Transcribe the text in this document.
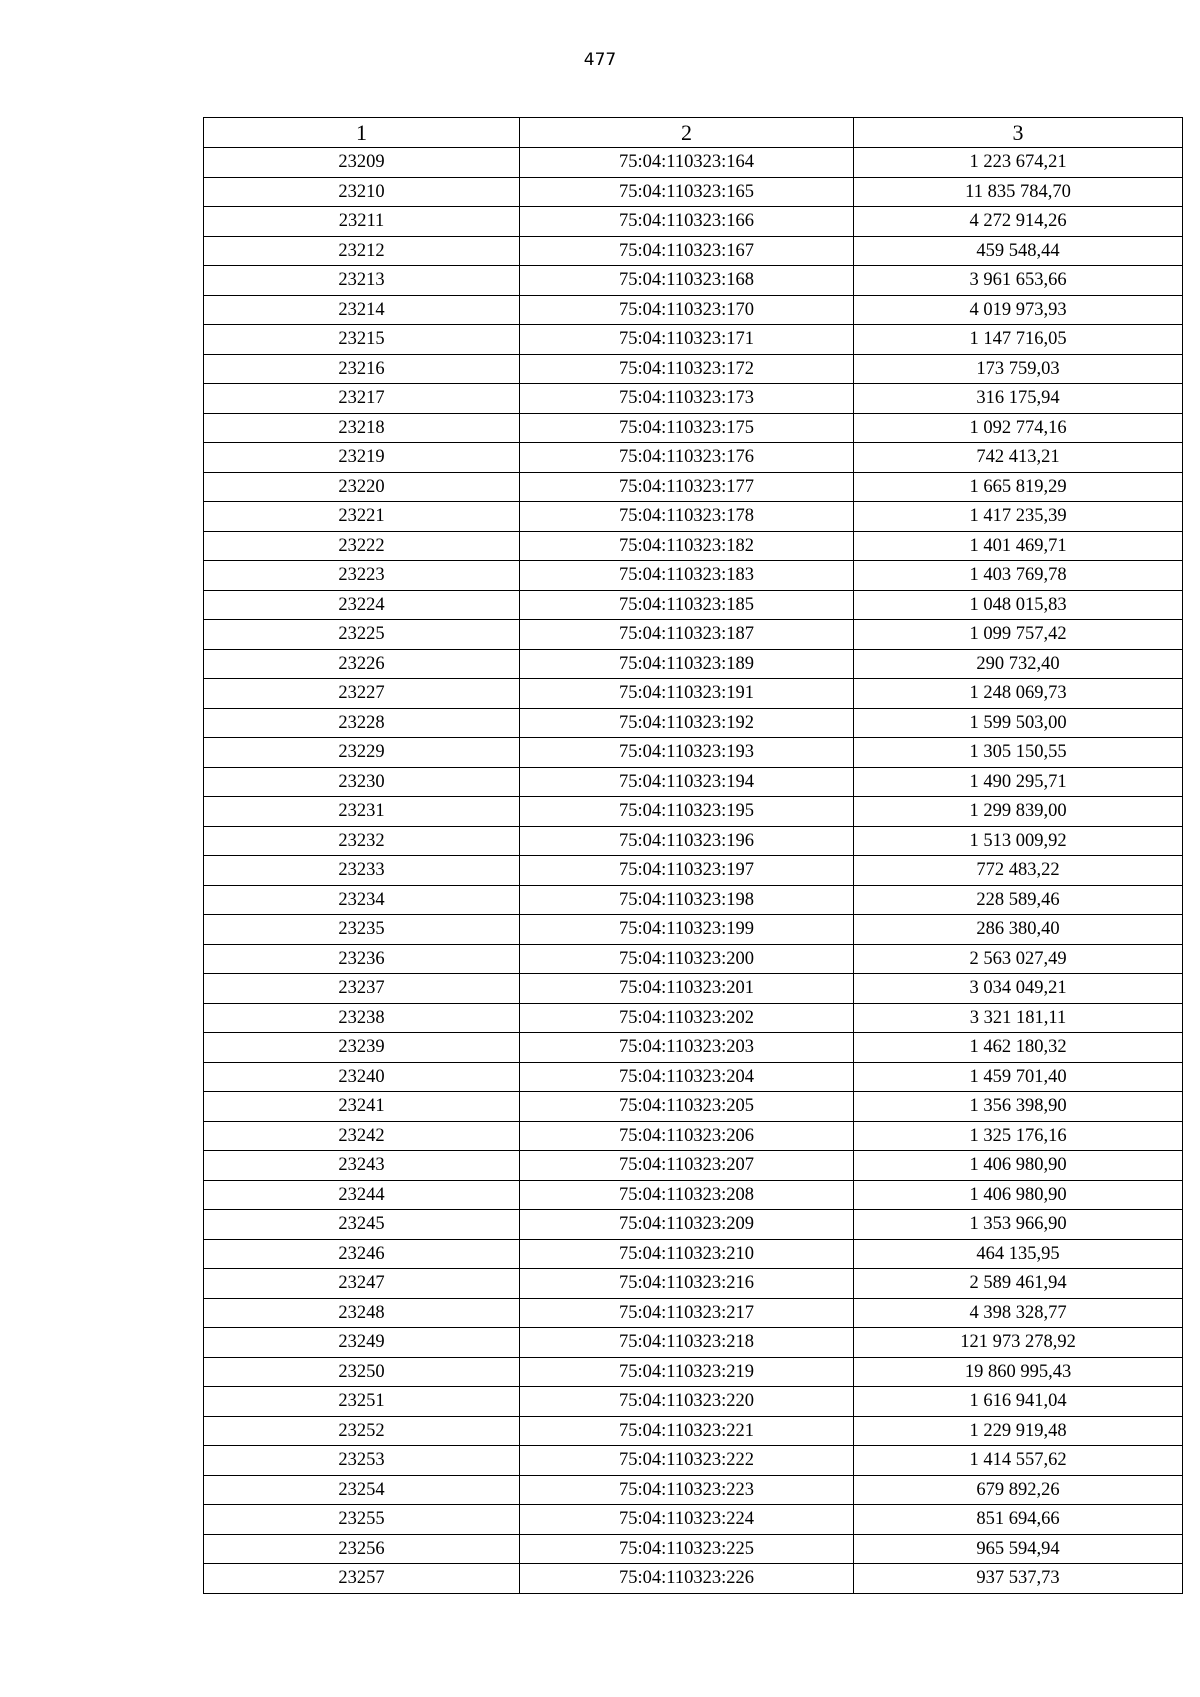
477
1	2	3
23209	75:04:110323:164	1 223 674,21
23210	75:04:110323:165	11 835 784,70
23211	75:04:110323:166	4 272 914,26
23212	75:04:110323:167	459 548,44
23213	75:04:110323:168	3 961 653,66
23214	75:04:110323:170	4 019 973,93
23215	75:04:110323:171	1 147 716,05
23216	75:04:110323:172	173 759,03
23217	75:04:110323:173	316 175,94
23218	75:04:110323:175	1 092 774,16
23219	75:04:110323:176	742 413,21
23220	75:04:110323:177	1 665 819,29
23221	75:04:110323:178	1 417 235,39
23222	75:04:110323:182	1 401 469,71
23223	75:04:110323:183	1 403 769,78
23224	75:04:110323:185	1 048 015,83
23225	75:04:110323:187	1 099 757,42
23226	75:04:110323:189	290 732,40
23227	75:04:110323:191	1 248 069,73
23228	75:04:110323:192	1 599 503,00
23229	75:04:110323:193	1 305 150,55
23230	75:04:110323:194	1 490 295,71
23231	75:04:110323:195	1 299 839,00
23232	75:04:110323:196	1 513 009,92
23233	75:04:110323:197	772 483,22
23234	75:04:110323:198	228 589,46
23235	75:04:110323:199	286 380,40
23236	75:04:110323:200	2 563 027,49
23237	75:04:110323:201	3 034 049,21
23238	75:04:110323:202	3 321 181,11
23239	75:04:110323:203	1 462 180,32
23240	75:04:110323:204	1 459 701,40
23241	75:04:110323:205	1 356 398,90
23242	75:04:110323:206	1 325 176,16
23243	75:04:110323:207	1 406 980,90
23244	75:04:110323:208	1 406 980,90
23245	75:04:110323:209	1 353 966,90
23246	75:04:110323:210	464 135,95
23247	75:04:110323:216	2 589 461,94
23248	75:04:110323:217	4 398 328,77
23249	75:04:110323:218	121 973 278,92
23250	75:04:110323:219	19 860 995,43
23251	75:04:110323:220	1 616 941,04
23252	75:04:110323:221	1 229 919,48
23253	75:04:110323:222	1 414 557,62
23254	75:04:110323:223	679 892,26
23255	75:04:110323:224	851 694,66
23256	75:04:110323:225	965 594,94
23257	75:04:110323:226	937 537,73
